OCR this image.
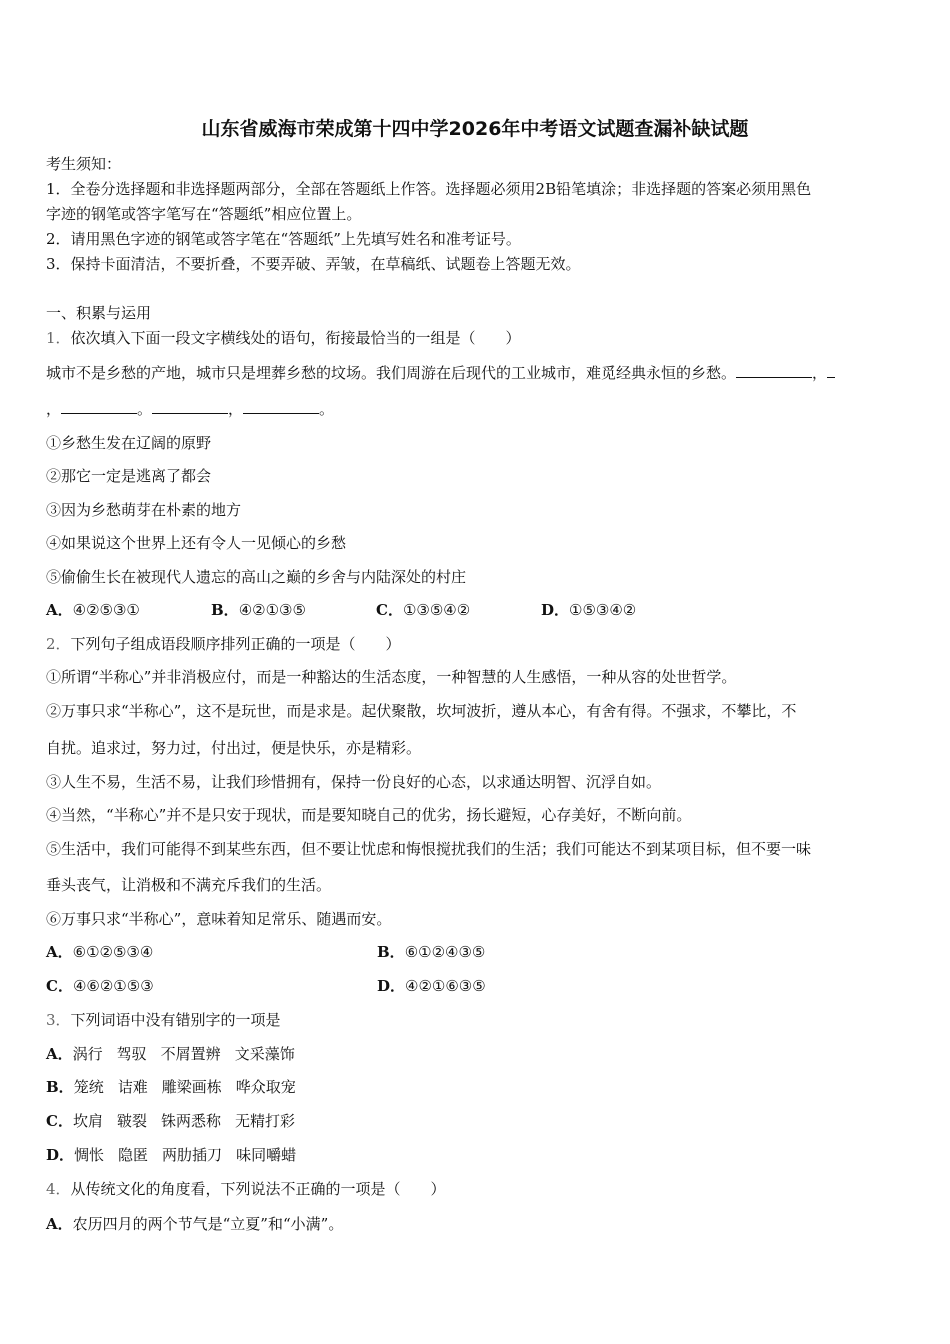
山东省威海市荣成第十四中学2026年中考语文试题查漏补缺试题
考生须知：
1．全卷分选择题和非选择题两部分，全部在答题纸上作答。选择题必须用2B铅笔填涂；非选择题的答案必须用黑色
字迹的钢笔或答字笔写在“答题纸”相应位置上。
2．请用黑色字迹的钢笔或答字笔在“答题纸”上先填写姓名和准考证号。
3．保持卡面清洁，不要折叠，不要弄破、弄皱，在草稿纸、试题卷上答题无效。
一、积累与运用
1．依次填入下面一段文字横线处的语句，衔接最恰当的一组是（　　）
城市不是乡愁的产地，城市只是埋葬乡愁的坟场。我们周游在后现代的工业城市，难觅经典永恒的乡愁。	，
，	。	，	。
①乡愁生发在辽阔的原野
②那它一定是逃离了都会
③因为乡愁萌芽在朴素的地方
④如果说这个世界上还有令人一见倾心的乡愁
⑤偷偷生长在被现代人遗忘的高山之巅的乡舍与内陆深处的村庄
A．④②⑤③①	B．④②①③⑤	C．①③⑤④②	D．①⑤③④②
2．下列句子组成语段顺序排列正确的一项是（　　）
①所谓“半称心”并非消极应付，而是一种豁达的生活态度，一种智慧的人生感悟，一种从容的处世哲学。
②万事只求“半称心”，这不是玩世，而是求是。起伏聚散，坎坷波折，遵从本心，有舍有得。不强求，不攀比，不
自扰。追求过，努力过，付出过，便是快乐，亦是精彩。
③人生不易，生活不易，让我们珍惜拥有，保持一份良好的心态，以求通达明智、沉浮自如。
④当然，“半称心”并不是只安于现状，而是要知晓自己的优劣，扬长避短，心存美好，不断向前。
⑤生活中，我们可能得不到某些东西，但不要让忧虑和悔恨搅扰我们的生活；我们可能达不到某项目标，但不要一味
垂头丧气，让消极和不满充斥我们的生活。
⑥万事只求“半称心”，意味着知足常乐、随遇而安。
A．⑥①②⑤③④	B．⑥①②④③⑤
C．④⑥②①⑤③	D．④②①⑥③⑤
3．下列词语中没有错别字的一项是
A．涡行 驾驭 不屑置辨 文采藻饰
B．笼统 诘难 雕梁画栋 哗众取宠
C．坎肩 皲裂 铢两悉称 无精打彩
D．惆怅 隐匿 两肋插刀 味同嚼蜡
4．从传统文化的角度看，下列说法不正确的一项是（　　）
A．农历四月的两个节气是“立夏”和“小满”。
